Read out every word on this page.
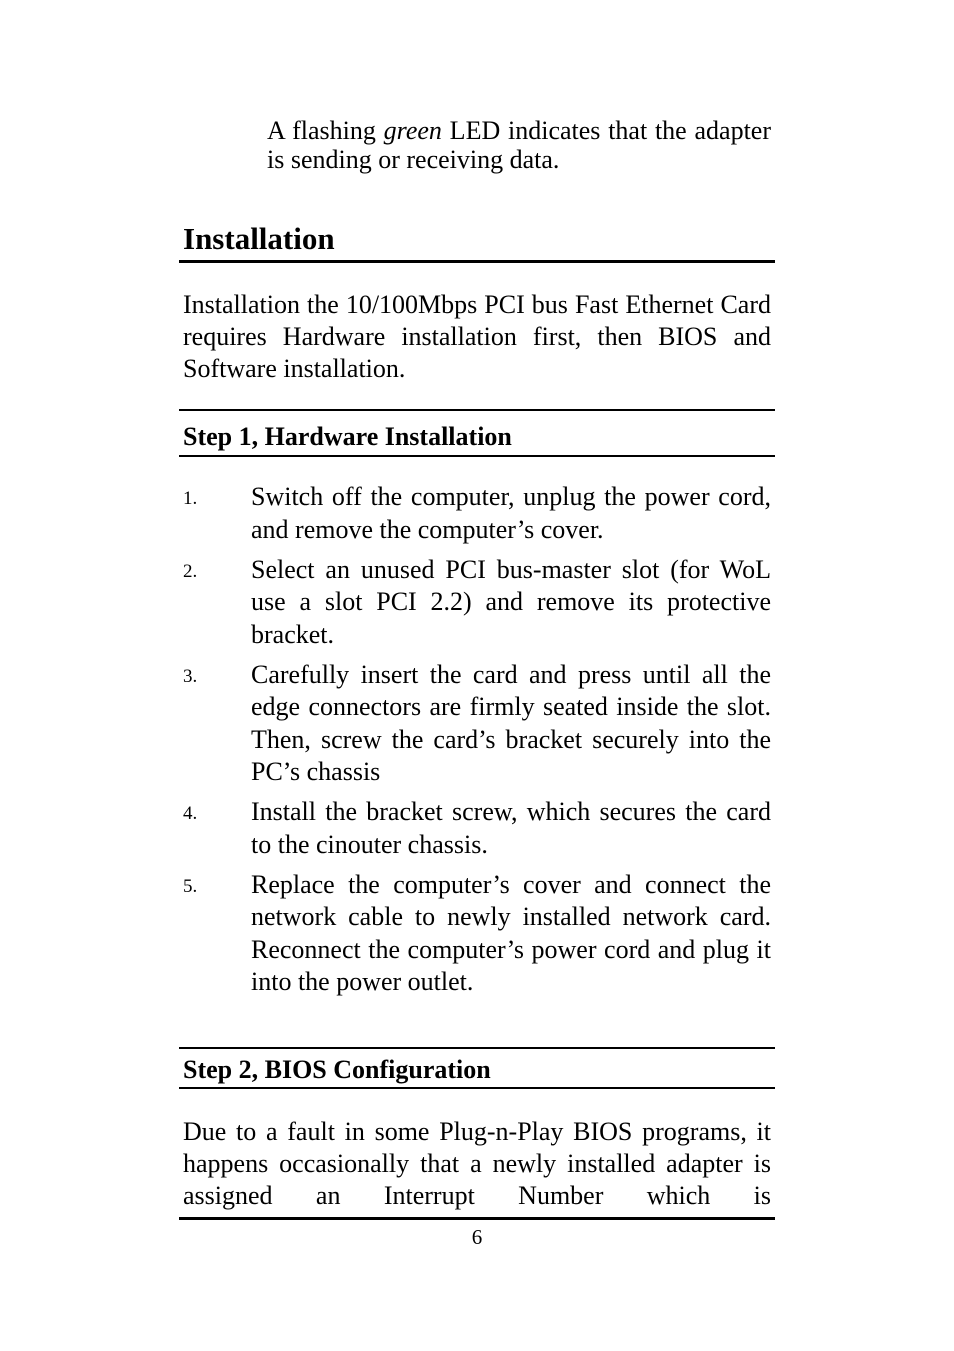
A flashing green LED indicates that the adapter is sending or receiving data.
Installation
Installation the 10/100Mbps PCI bus Fast Ethernet Card requires Hardware installation first, then BIOS and Software installation.
Step 1, Hardware Installation
1. Switch off the computer, unplug the power cord, and remove the computer’s cover.
2. Select an unused PCI bus-master slot (for WoL use a slot PCI 2.2) and remove its protective bracket.
3. Carefully insert the card and press until all the edge connectors are firmly seated inside the slot. Then, screw the card’s bracket securely into the PC’s chassis
4. Install the bracket screw, which secures the card to the cinouter chassis.
5. Replace the computer’s cover and connect the network cable to newly installed network card. Reconnect the computer’s power cord and plug it into the power outlet.
Step 2, BIOS Configuration
Due to a fault in some Plug-n-Play BIOS programs, it happens occasionally that a newly installed adapter is assigned an Interrupt Number which is
6
